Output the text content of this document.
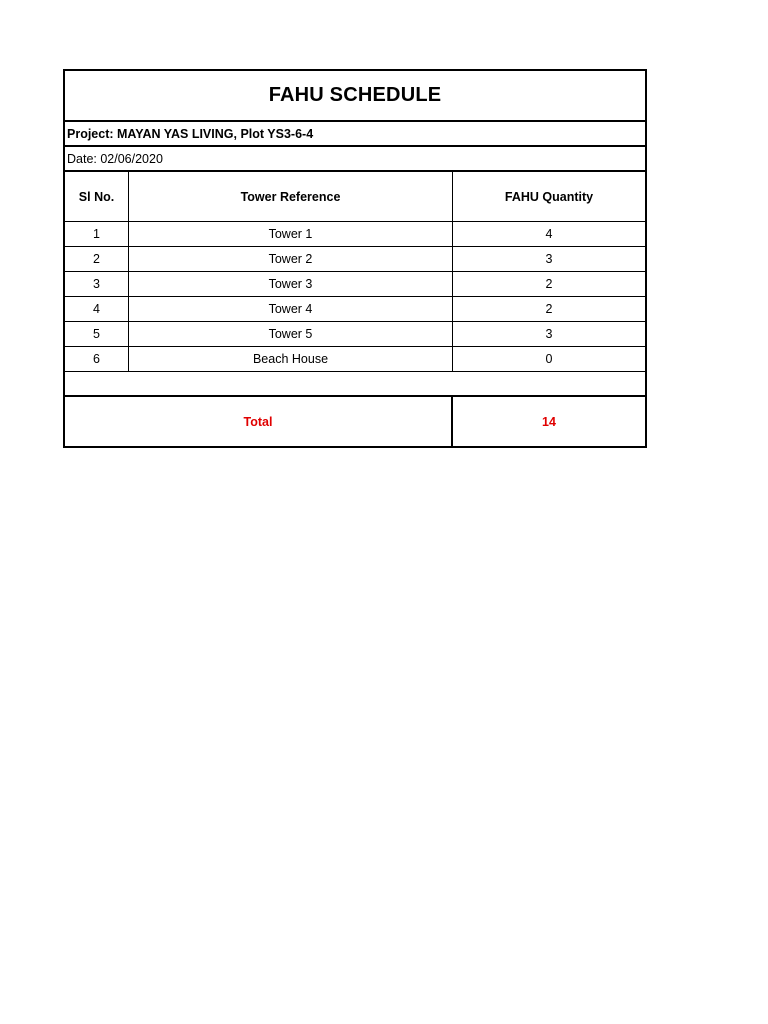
FAHU SCHEDULE
Project: MAYAN YAS LIVING, Plot YS3-6-4
Date: 02/06/2020
Sl No.	Tower Reference	FAHU Quantity
1	Tower 1	4
2	Tower 2	3
3	Tower 3	2
4	Tower 4	2
5	Tower 5	3
6	Beach House	0
Total	14
